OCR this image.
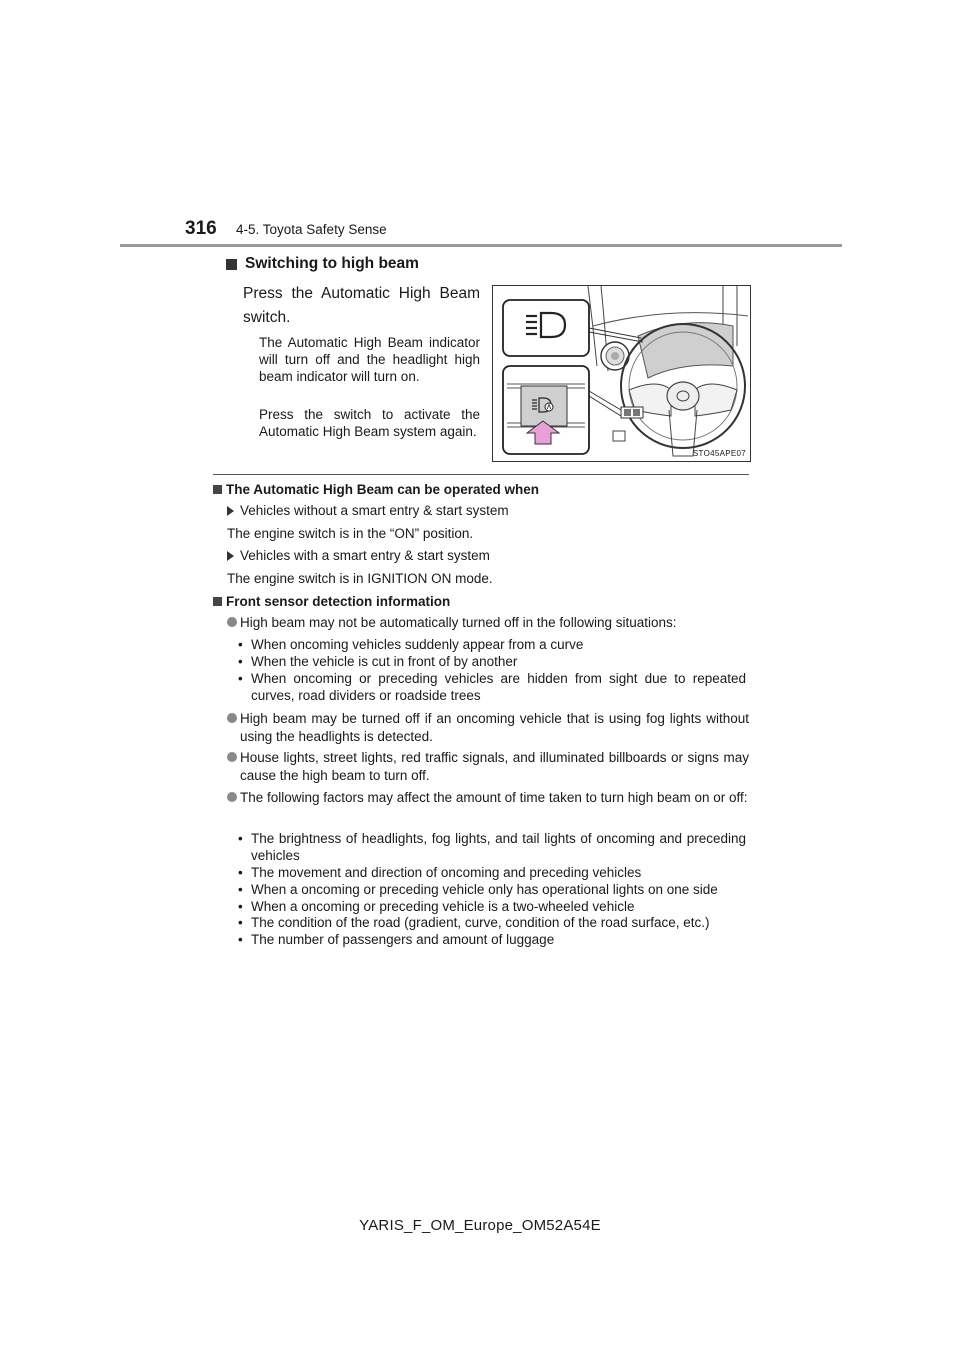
316 4-5. Toyota Safety Sense
Switching to high beam
Press the Automatic High Beam switch.
The Automatic High Beam indicator will turn off and the headlight high beam indicator will turn on.
Press the switch to activate the Automatic High Beam system again.
STO45APE07
The Automatic High Beam can be operated when
Vehicles without a smart entry & start system
The engine switch is in the “ON” position.
Vehicles with a smart entry & start system
The engine switch is in IGNITION ON mode.
Front sensor detection information
High beam may not be automatically turned off in the following situations:
• When oncoming vehicles suddenly appear from a curve
• When the vehicle is cut in front of by another
• When oncoming or preceding vehicles are hidden from sight due to repeated curves, road dividers or roadside trees
High beam may be turned off if an oncoming vehicle that is using fog lights without using the headlights is detected.
House lights, street lights, red traffic signals, and illuminated billboards or signs may cause the high beam to turn off.
The following factors may affect the amount of time taken to turn high beam on or off:
• The brightness of headlights, fog lights, and tail lights of oncoming and preceding vehicles
• The movement and direction of oncoming and preceding vehicles
• When a oncoming or preceding vehicle only has operational lights on one side
• When a oncoming or preceding vehicle is a two-wheeled vehicle
• The condition of the road (gradient, curve, condition of the road surface, etc.)
• The number of passengers and amount of luggage
YARIS_F_OM_Europe_OM52A54E
